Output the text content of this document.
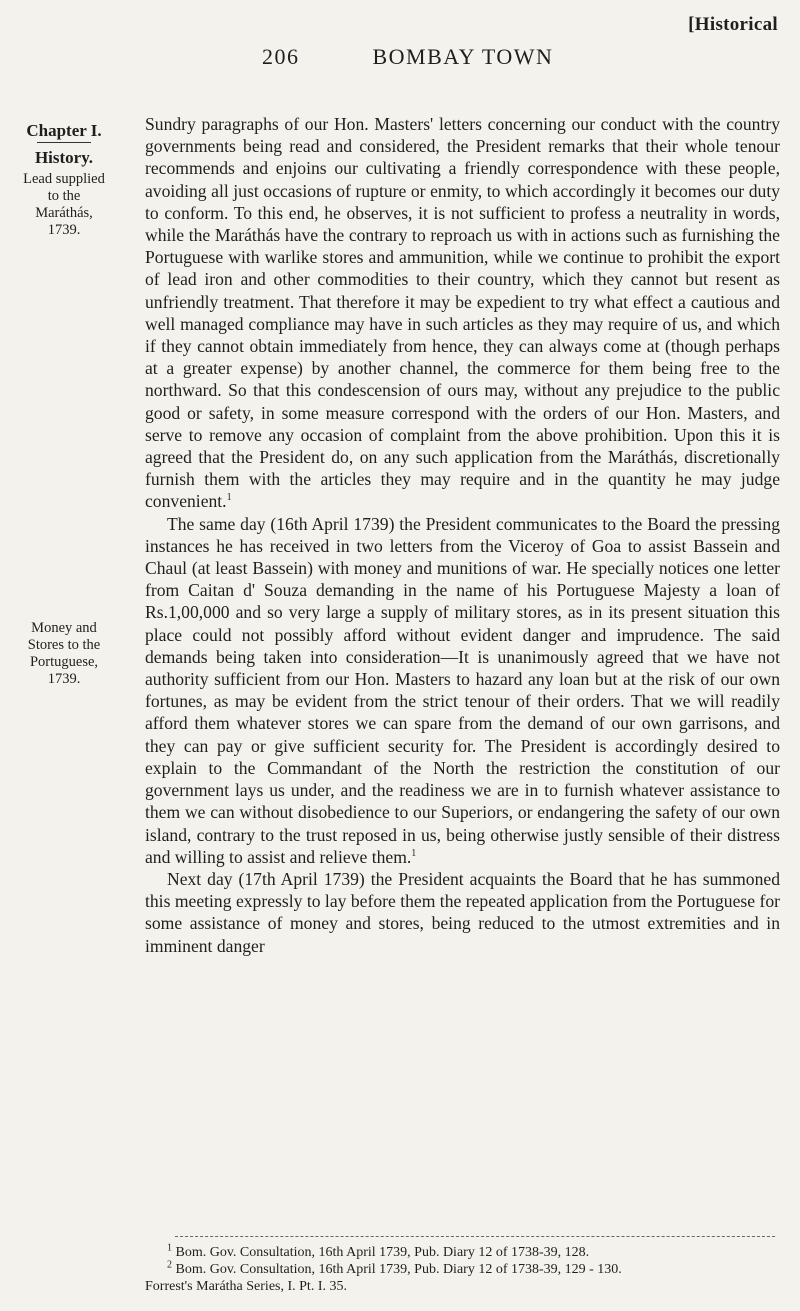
[Historical
206	BOMBAY TOWN
Chapter I.
History.
Lead supplied to the Maráthás, 1739.
Money and Stores to the Portuguese, 1739.

Sundry paragraphs of our Hon. Masters' letters concerning our conduct with the country governments being read and considered, the President remarks that their whole tenour recommends and enjoins our cultivating a friendly correspondence with these people, avoiding all just occasions of rupture or enmity, to which accordingly it becomes our duty to conform. To this end, he observes, it is not sufficient to profess a neutrality in words, while the Maráthás have the contrary to reproach us with in actions such as furnishing the Portuguese with warlike stores and ammunition, while we continue to prohibit the export of lead iron and other commodities to their country, which they cannot but resent as unfriendly treatment. That therefore it may be expedient to try what effect a cautious and well managed compliance may have in such articles as they may require of us, and which if they cannot obtain immediately from hence, they can always come at (though perhaps at a greater expense) by another channel, the commerce for them being free to the northward. So that this condescension of ours may, without any prejudice to the public good or safety, in some measure correspond with the orders of our Hon. Masters, and serve to remove any occasion of complaint from the above prohibition. Upon this it is agreed that the President do, on any such application from the Maráthás, discretionally furnish them with the articles they may require and in the quantity he may judge convenient.$^1$

The same day (16th April 1739) the President communicates to the Board the pressing instances he has received in two letters from the Viceroy of Goa to assist Bassein and Chaul (at least Bassein) with money and munitions of war. He specially notices one letter from Caitan d' Souza demanding in the name of his Portuguese Majesty a loan of Rs.1,00,000 and so very large a supply of military stores, as in its present situation this place could not possibly afford without evident danger and imprudence. The said demands being taken into consideration—It is unanimously agreed that we have not authority sufficient from our Hon. Masters to hazard any loan but at the risk of our own fortunes, as may be evident from the strict tenour of their orders. That we will readily afford them whatever stores we can spare from the demand of our own garrisons, and they can pay or give sufficient security for. The President is accordingly desired to explain to the Commandant of the North the restriction the constitution of our government lays us under, and the readiness we are in to furnish whatever assistance to them we can without disobedience to our Superiors, or endangering the safety of our own island, contrary to the trust reposed in us, being otherwise justly sensible of their distress and willing to assist and relieve them.$^1$

Next day (17th April 1739) the President acquaints the Board that he has summoned this meeting expressly to lay before them the repeated application from the Portuguese for some assistance of money and stores, being reduced to the utmost extremities and in imminent danger

$^1$ Bom. Gov. Consultation, 16th April 1739, Pub. Diary 12 of 1738-39, 128.

$^2$ Bom. Gov. Consultation, 16th April 1739, Pub. Diary 12 of 1738-39, 129 - 130.

Forrest's Marátha Series, I. Pt. I. 35.
